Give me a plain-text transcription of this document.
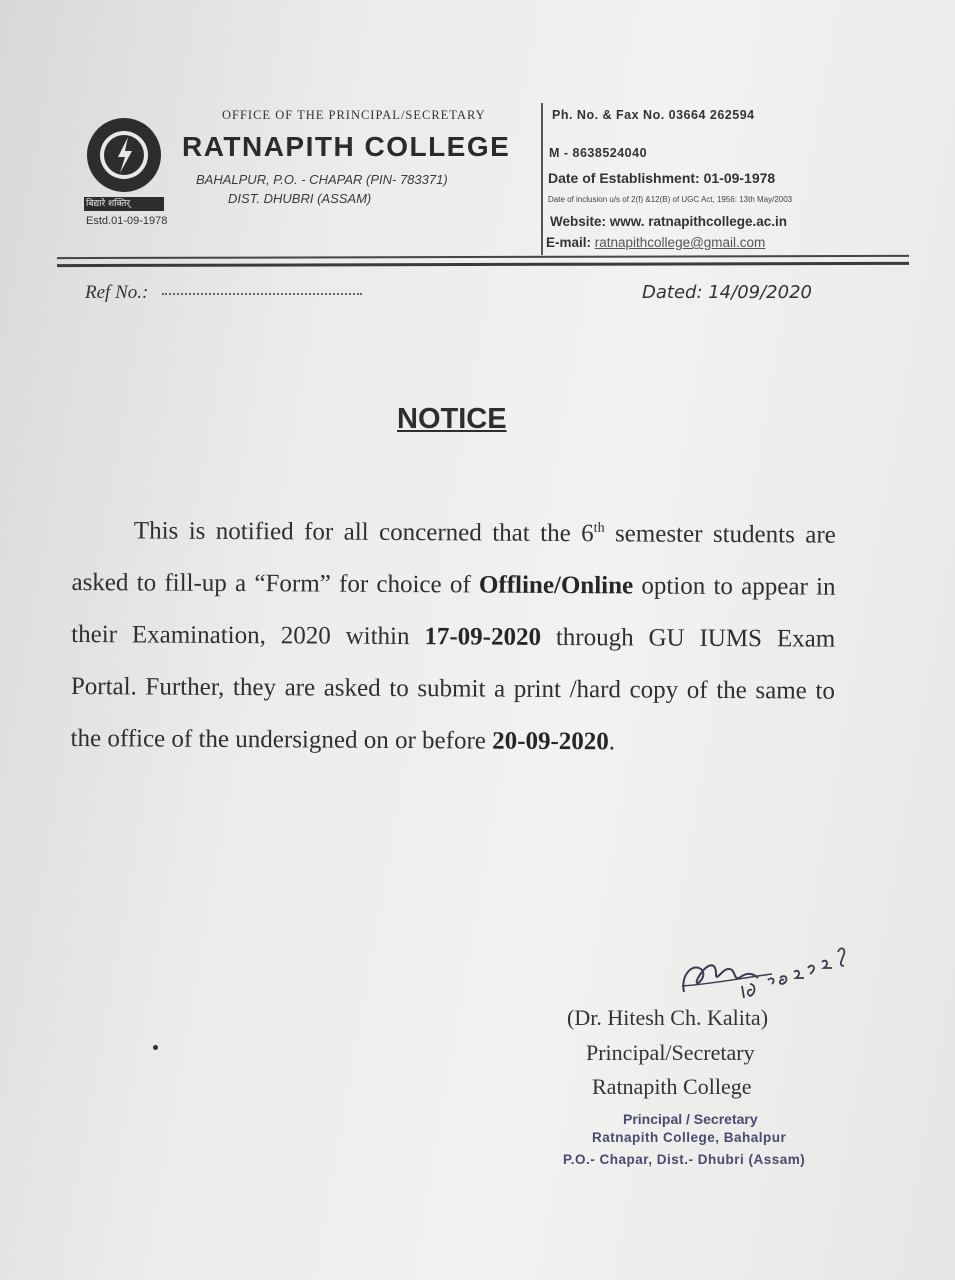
बिद्यारे शक्तिर्
Estd.01-09-1978
OFFICE OF THE PRINCIPAL/SECRETARY
RATNAPITH COLLEGE
BAHALPUR, P.O. - CHAPAR (PIN- 783371)
DIST. DHUBRI (ASSAM)
Ph. No. & Fax No. 03664 262594
M - 8638524040
Date of Establishment: 01-09-1978
Date of inclusion u/s of 2(f) &12(B) of UGC Act, 1956: 13th May/2003
Website: www. ratnapithcollege.ac.in
E-mail: ratnapithcollege@gmail.com
Ref No.:	Dated: 14/09/2020
NOTICE
This is notified for all concerned that the 6th semester students are asked to fill-up a “Form” for choice of Offline/Online option to appear in their Examination, 2020 within 17-09-2020 through GU IUMS Exam Portal. Further, they are asked to submit a print /hard copy of the same to the office of the undersigned on or before 20-09-2020.
(Dr. Hitesh Ch. Kalita)
Principal/Secretary
Ratnapith College
Principal / Secretary
Ratnapith College, Bahalpur
P.O.- Chapar, Dist.- Dhubri (Assam)
